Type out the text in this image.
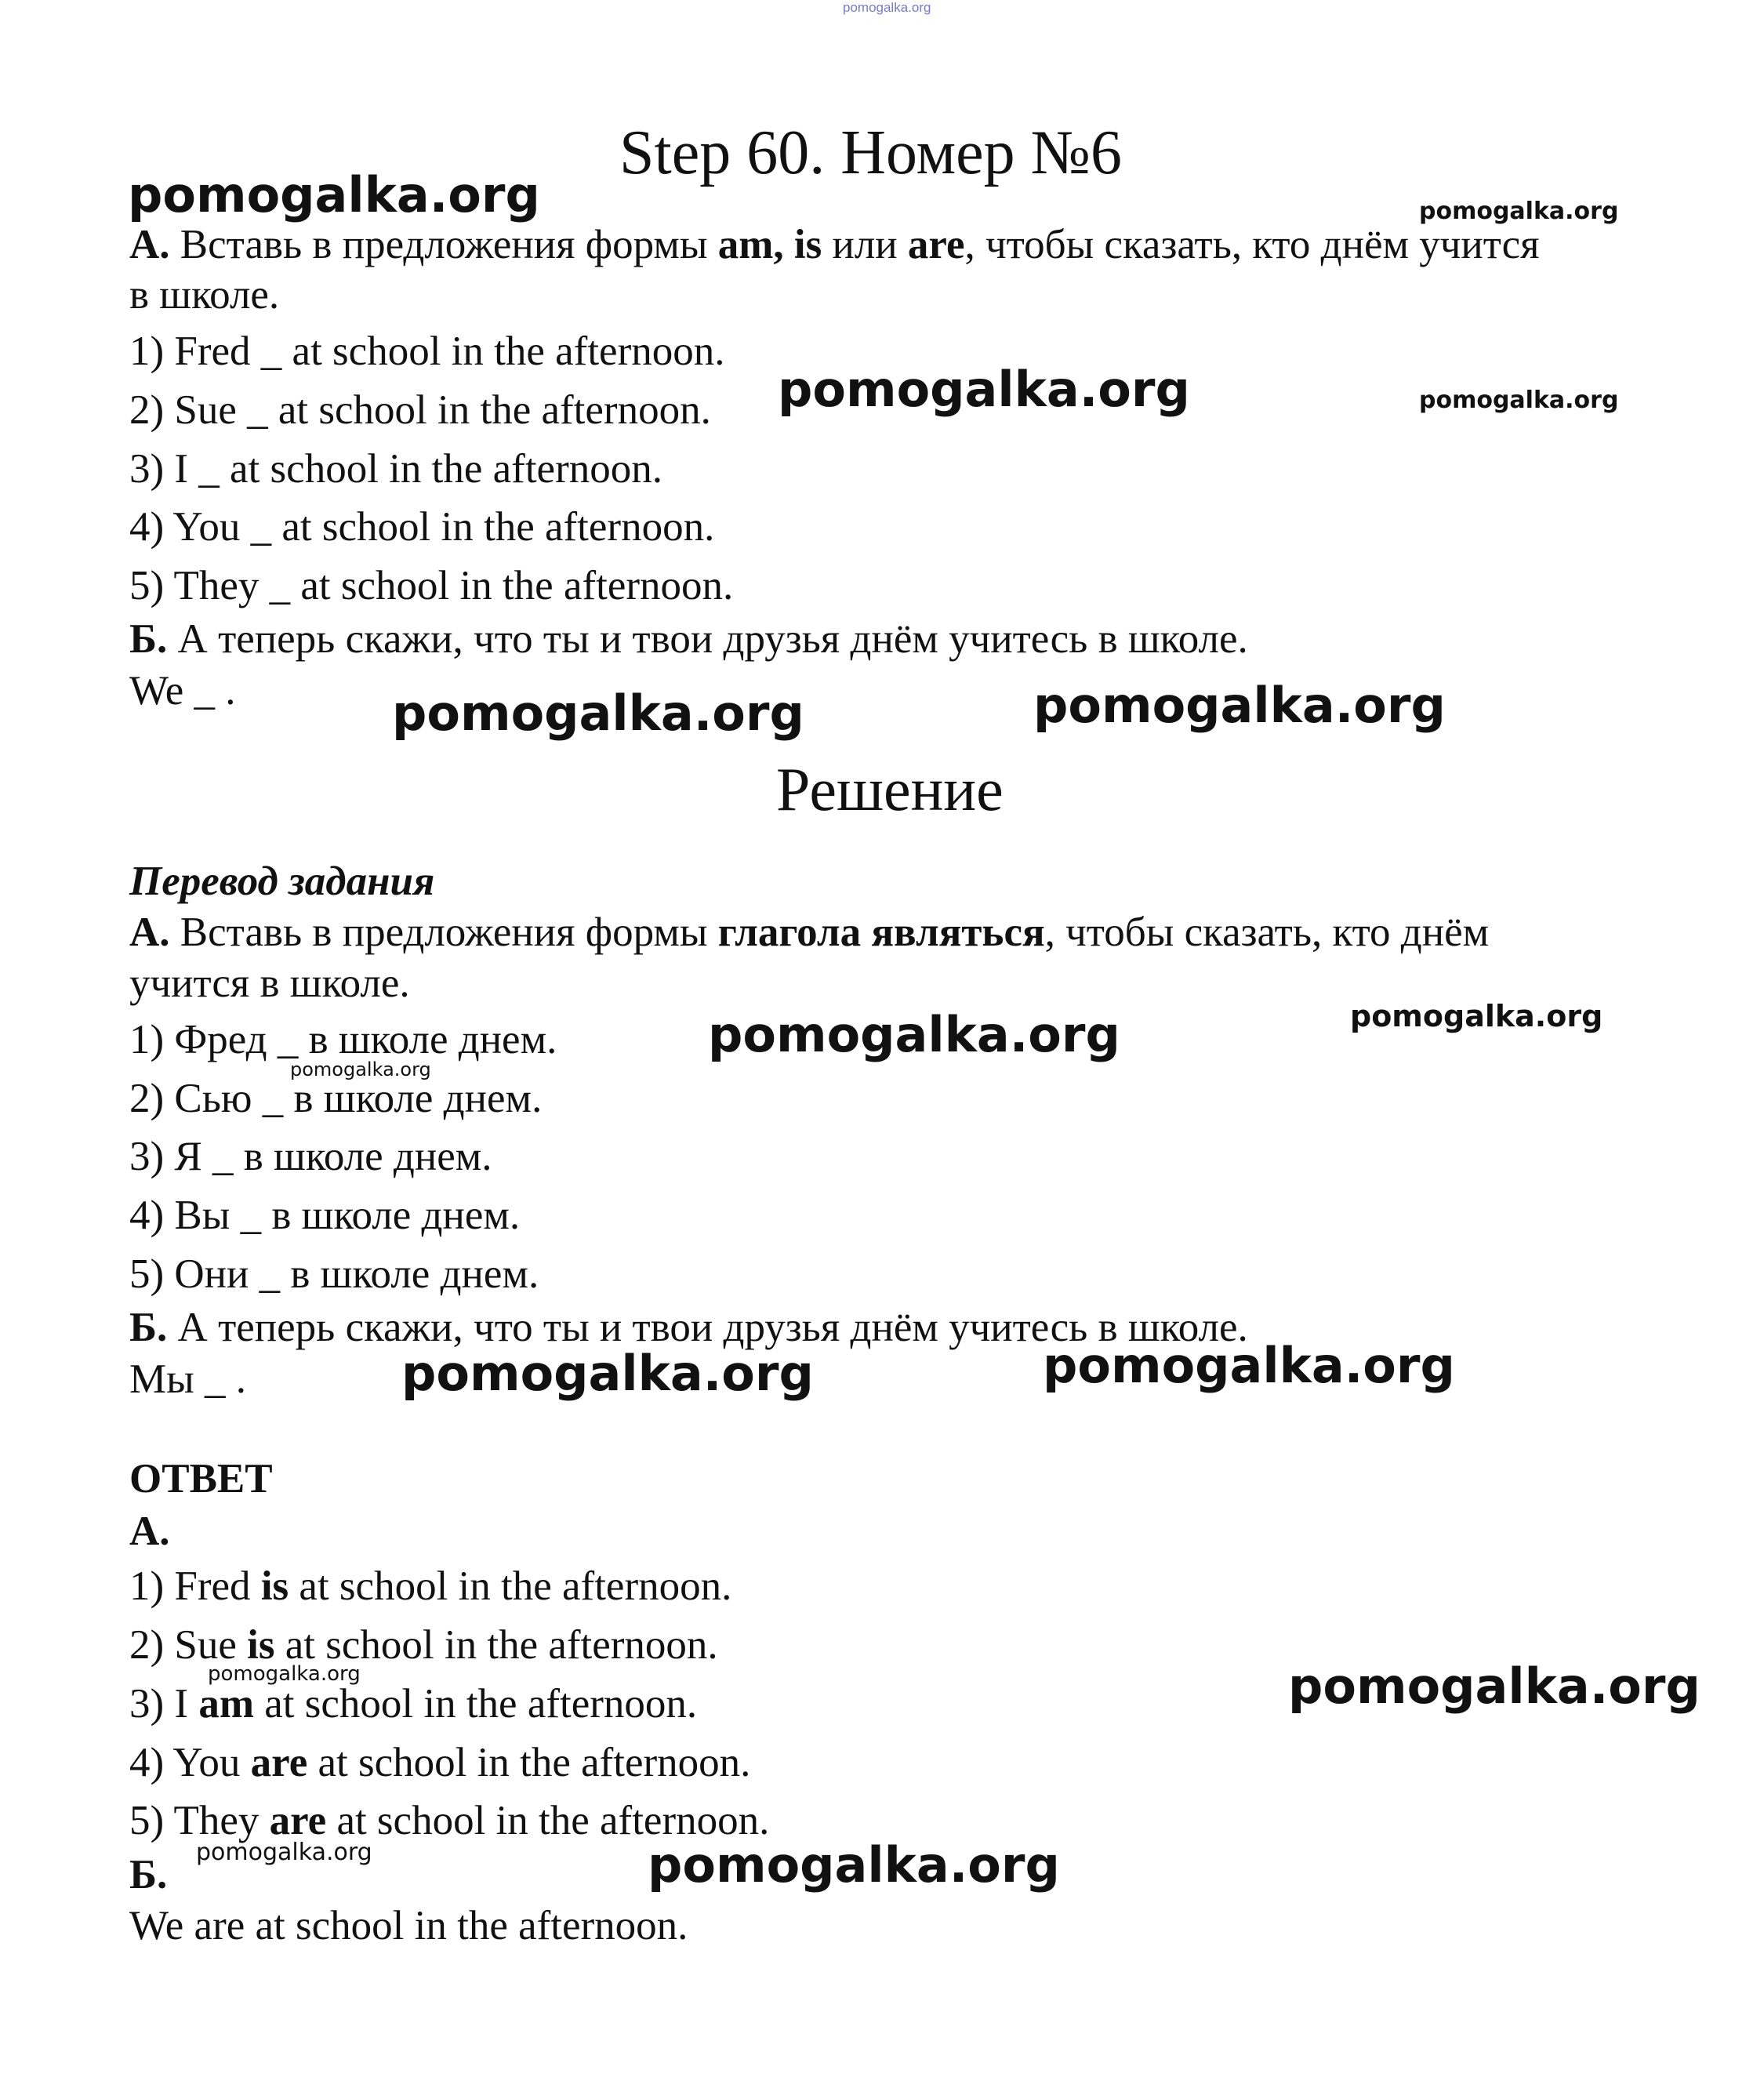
pomogalka.org
Step 60. Номер №6
pomogalka.org	pomogalka.org
А. Вставь в предложения формы am, is или are, чтобы сказать, кто днём учится
в школе.
1) Fred _ at school in the afternoon.
2) Sue _ at school in the afternoon.
3) I _ at school in the afternoon.
4) You _ at school in the afternoon.
5) They _ at school in the afternoon.
pomogalka.org	pomogalka.org
Б. А теперь скажи, что ты и твои друзья днём учитесь в школе.
We _ .	pomogalka.org	pomogalka.org
Решение
Перевод задания
А. Вставь в предложения формы глагола являться, чтобы сказать, кто днём
учится в школе.
1) Фред _ в школе днем.
2) Сью _ в школе днем.
3) Я _ в школе днем.
4) Вы _ в школе днем.
5) Они _ в школе днем.
pomogalka.org	pomogalka.org
pomogalka.org
Б. А теперь скажи, что ты и твои друзья днём учитесь в школе.
Мы _ .	pomogalka.org	pomogalka.org
ОТВЕТ
А.
1) Fred is at school in the afternoon.
2) Sue is at school in the afternoon.
3) I am at school in the afternoon.
4) You are at school in the afternoon.
5) They are at school in the afternoon.
Б.
We are at school in the afternoon.
pomogalka.org	pomogalka.org
pomogalka.org	pomogalka.org
